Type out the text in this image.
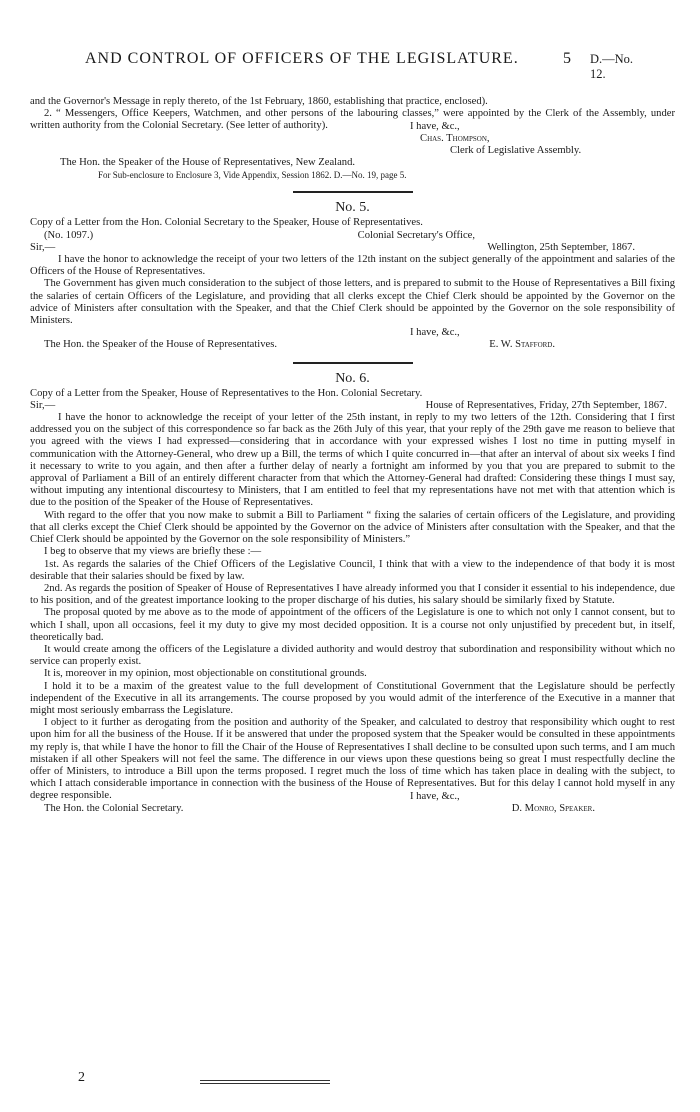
AND CONTROL OF OFFICERS OF THE LEGISLATURE.	5 D.—No. 12.

and the Governor's Message in reply thereto, of the 1st February, 1860, establishing that practice, enclosed).

2. “ Messengers, Office Keepers, Watchmen, and other persons of the labouring classes,” were appointed by the Clerk of the Assembly, under written authority from the Colonial Secretary. (See letter of authority).	I have, &c.,
Chas. Thompson,
Clerk of Legislative Assembly.

The Hon. the Speaker of the House of Representatives, New Zealand.

For Sub-enclosure to Enclosure 3, Vide Appendix, Session 1862. D.—No. 19, page 5.

No. 5.

Copy of a Letter from the Hon. Colonial Secretary to the Speaker, House of Representatives.

(No. 1097.)	Colonial Secretary's Office,
Sir,—	Wellington, 25th September, 1867.

I have the honor to acknowledge the receipt of your two letters of the 12th instant on the subject generally of the appointment and salaries of the Officers of the House of Representatives.

The Government has given much consideration to the subject of those letters, and is prepared to submit to the House of Representatives a Bill fixing the salaries of certain Officers of the Legislature, and providing that all clerks except the Chief Clerk should be appointed by the Governor on the advice of Ministers after consultation with the Speaker, and that the Chief Clerk should be appointed by the Governor on the sole responsibility of Ministers.

I have, &c.,
The Hon. the Speaker of the House of Representatives.	E. W. Stafford.
No. 6.

Copy of a Letter from the Speaker, House of Representatives to the Hon. Colonial Secretary.

Sir,—	House of Representatives, Friday, 27th September, 1867.

I have the honor to acknowledge the receipt of your letter of the 25th instant, in reply to my two letters of the 12th. Considering that I first addressed you on the subject of this correspondence so far back as the 26th July of this year, that your reply of the 29th gave me reason to believe that you agreed with the views I had expressed—considering that in accordance with your expressed wishes I lost no time in putting myself in communication with the Attorney-General, who drew up a Bill, the terms of which I quite concurred in—that after an interval of about six weeks I find it necessary to write to you again, and then after a further delay of nearly a fortnight am informed by you that you are prepared to submit to the approval of Parliament a Bill of an entirely different character from that which the Attorney-General had drafted: Considering these things I must say, without imputing any intentional discourtesy to Ministers, that I am entitled to feel that my representations have not met with that attention which is due to the position of the Speaker of the House of Representatives.

With regard to the offer that you now make to submit a Bill to Parliament “ fixing the salaries of certain officers of the Legislature, and providing that all clerks except the Chief Clerk should be appointed by the Governor on the advice of Ministers after consultation with the Speaker, and that the Chief Clerk should be appointed by the Governor on the sole responsibility of Ministers.”

I beg to observe that my views are briefly these :—

1st. As regards the salaries of the Chief Officers of the Legislative Council, I think that with a view to the independence of that body it is most desirable that their salaries should be fixed by law.

2nd. As regards the position of Speaker of House of Representatives I have already informed you that I consider it essential to his independence, due to his position, and of the greatest importance looking to the proper discharge of his duties, his salary should be similarly fixed by Statute.

The proposal quoted by me above as to the mode of appointment of the officers of the Legislature is one to which not only I cannot consent, but to which I shall, upon all occasions, feel it my duty to give my most decided opposition. It is a course not only unjustified by precedent but, in itself, theoretically bad.

It would create among the officers of the Legislature a divided authority and would destroy that subordination and responsibility without which no service can properly exist.

It is, moreover in my opinion, most objectionable on constitutional grounds.

I hold it to be a maxim of the greatest value to the full development of Constitutional Government that the Legislature should be perfectly independent of the Executive in all its arrangements. The course proposed by you would admit of the interference of the Executive in a manner that might most seriously embarrass the Legislature.

I object to it further as derogating from the position and authority of the Speaker, and calculated to destroy that responsibility which ought to rest upon him for all the business of the House. If it be answered that under the proposed system that the Speaker would be consulted in these appointments my reply is, that while I have the honor to fill the Chair of the House of Representatives I shall decline to be consulted upon such terms, and I am much mistaken if all other Speakers will not feel the same. The difference in our views upon these questions being so great I must respectfully decline the offer of Ministers, to introduce a Bill upon the terms proposed. I regret much the loss of time which has taken place in dealing with the subject, to which I attach considerable importance in connection with the business of the House of Representatives. But for this delay I cannot hold myself in any degree responsible.	I have, &c.,
The Hon. the Colonial Secretary.	D. Monro, Speaker.
2
